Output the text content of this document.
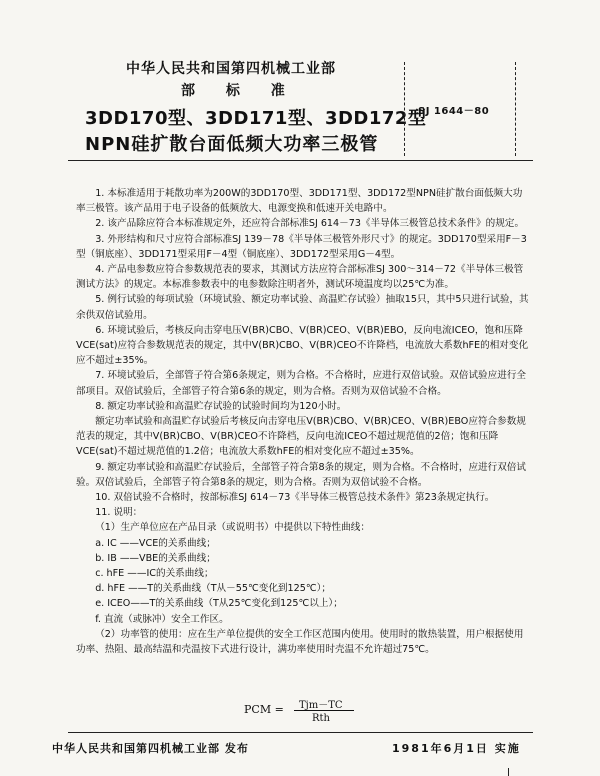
中华人民共和国第四机械工业部
部 标 准
3DD170型、3DD171型、3DD172型
NPN硅扩散台面低频大功率三极管
SJ 1644－80

1. 本标准适用于耗散功率为200W的3DD170型、3DD171型、3DD172型NPN硅扩散台面低频大功率三极管。该产品用于电子设备的低频放大、电源变换和低速开关电路中。

2. 该产品除应符合本标准规定外，还应符合部标准SJ 614－73《半导体三极管总技术条件》的规定。

3. 外形结构和尺寸应符合部标准SJ 139－78《半导体三极管外形尺寸》的规定。3DD170型采用F－3型（铜底座）、3DD171型采用F－4型（铜底座）、3DD172型采用G－4型。

4. 产品电参数应符合参数规范表的要求，其测试方法应符合部标准SJ 300～314－72《半导体三极管测试方法》的规定。本标准参数表中的电参数除注明者外，测试环境温度均以25℃为准。

5. 例行试验的每项试验（环境试验、额定功率试验、高温贮存试验）抽取15只，其中5只进行试验，其余供双倍试验用。

6. 环境试验后，考核反向击穿电压V(BR)CBO、V(BR)CEO、V(BR)EBO，反向电流ICEO，饱和压降VCE(sat)应符合参数规范表的规定，其中V(BR)CBO、V(BR)CEO不许降档，电流放大系数hFE的相对变化应不超过±35%。

7. 环境试验后，全部管子符合第6条规定，则为合格。不合格时，应进行双倍试验。双倍试验应进行全部项目。双倍试验后，全部管子符合第6条的规定，则为合格。否则为双倍试验不合格。

8. 额定功率试验和高温贮存试验的试验时间均为120小时。

额定功率试验和高温贮存试验后考核反向击穿电压V(BR)CBO、V(BR)CEO、V(BR)EBO应符合参数规范表的规定，其中V(BR)CBO、V(BR)CEO不许降档，反向电流ICEO不超过规范值的2倍；饱和压降VCE(sat)不超过规范值的1.2倍；电流放大系数hFE的相对变化应不超过±35%。

9. 额定功率试验和高温贮存试验后，全部管子符合第8条的规定，则为合格。不合格时，应进行双倍试验。双倍试验后，全部管子符合第8条的规定，则为合格。否则为双倍试验不合格。

10. 双倍试验不合格时，按部标准SJ 614－73《半导体三极管总技术条件》第23条规定执行。

11. 说明：

（1）生产单位应在产品目录（或说明书）中提供以下特性曲线：

a. IC ——VCE的关系曲线；
b. IB ——VBE的关系曲线；
c. hFE ——IC的关系曲线；
d. hFE ——T的关系曲线（T从－55℃变化到125℃）；
e. ICEO——T的关系曲线（T从25℃变化到125℃以上）；
f. 直流（或脉冲）安全工作区。

（2）功率管的使用：应在生产单位提供的安全工作区范围内使用。使用时的散热装置，用户根据使用功率、热阻、最高结温和壳温按下式进行设计，满功率使用时壳温不允许超过75℃。

PCM = Tjm－TC
Rth
中华人民共和国第四机械工业部 发布	1981年6月1日 实施
